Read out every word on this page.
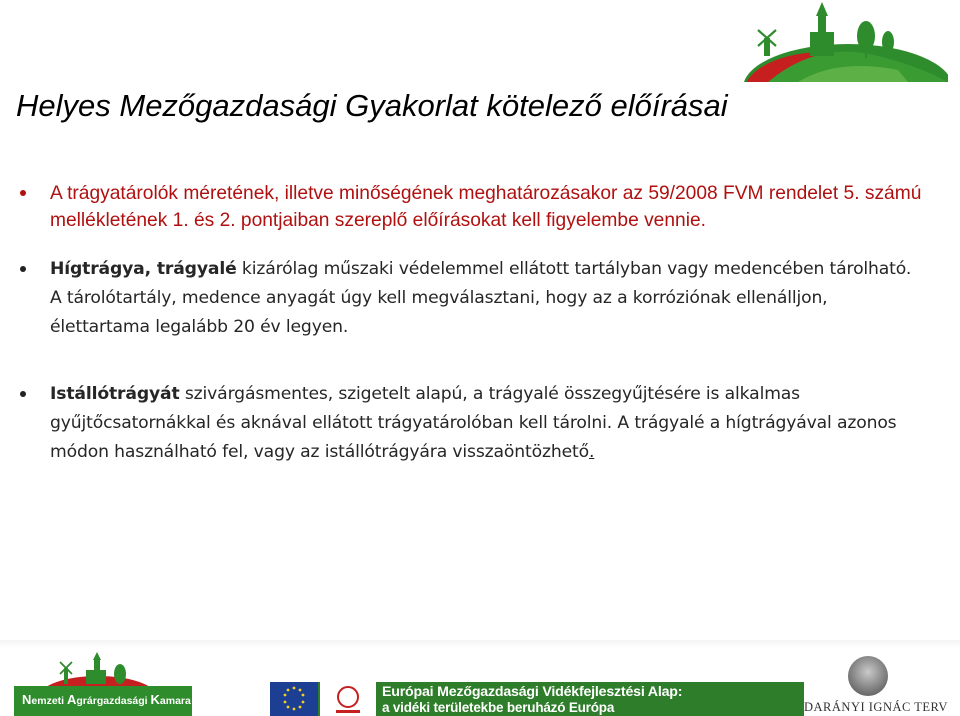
Helyes Mezőgazdasági Gyakorlat kötelező előírásai
A trágyatárolók méretének, illetve minőségének meghatározásakor az 59/2008 FVM rendelet 5. számú mellékletének 1. és 2. pontjaiban szereplő előírásokat kell figyelembe vennie.
Hígtrágya, trágyalé kizárólag műszaki védelemmel ellátott tartályban vagy medencében tárolható. A tárolótartály, medence anyagát úgy kell megválasztani, hogy az a korróziónak ellenálljon, élettartama legalább 20 év legyen.
Istállótrágyát szivárgásmentes, szigetelt alapú, a trágyalé összegyűjtésére is alkalmas gyűjtőcsatornákkal és aknával ellátott trágyatárolóban kell tárolni. A trágyalé a hígtrágyával azonos módon használható fel, vagy az istállótrágyára visszaöntözhető.
Nemzeti Agrárgazdasági Kamara
Európai Mezőgazdasági Vidékfejlesztési Alap:
a vidéki területekbe beruházó Európa	DARÁNYI IGNÁC TERV
